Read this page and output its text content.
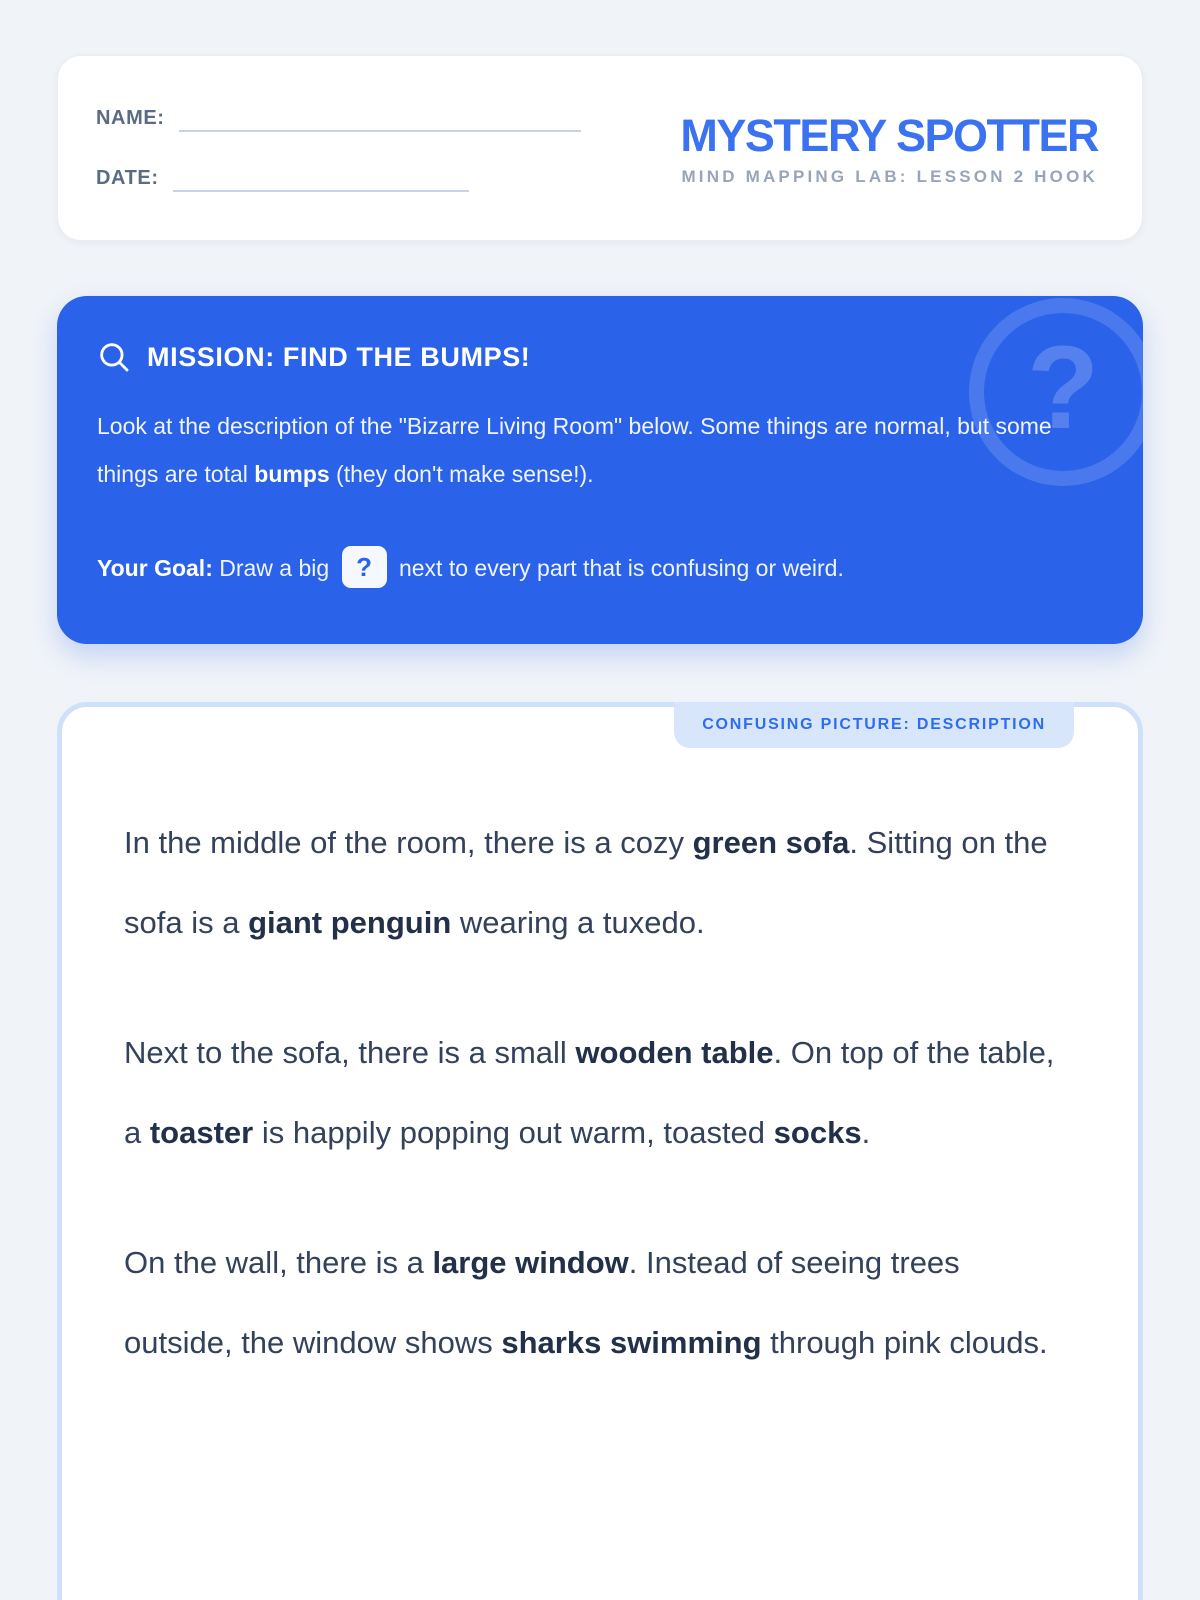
NAME:
DATE:
MYSTERY SPOTTER
MIND MAPPING LAB: LESSON 2 HOOK
?
MISSION: FIND THE BUMPS!
Look at the description of the "Bizarre Living Room" below. Some things are normal, but some things are total bumps (they don't make sense!).
Your Goal: Draw a big ? next to every part that is confusing or weird.
CONFUSING PICTURE: DESCRIPTION

In the middle of the room, there is a cozy green sofa. Sitting on the sofa is a giant penguin wearing a tuxedo.

Next to the sofa, there is a small wooden table. On top of the table, a toaster is happily popping out warm, toasted socks.

On the wall, there is a large window. Instead of seeing trees outside, the window shows sharks swimming through pink clouds.
